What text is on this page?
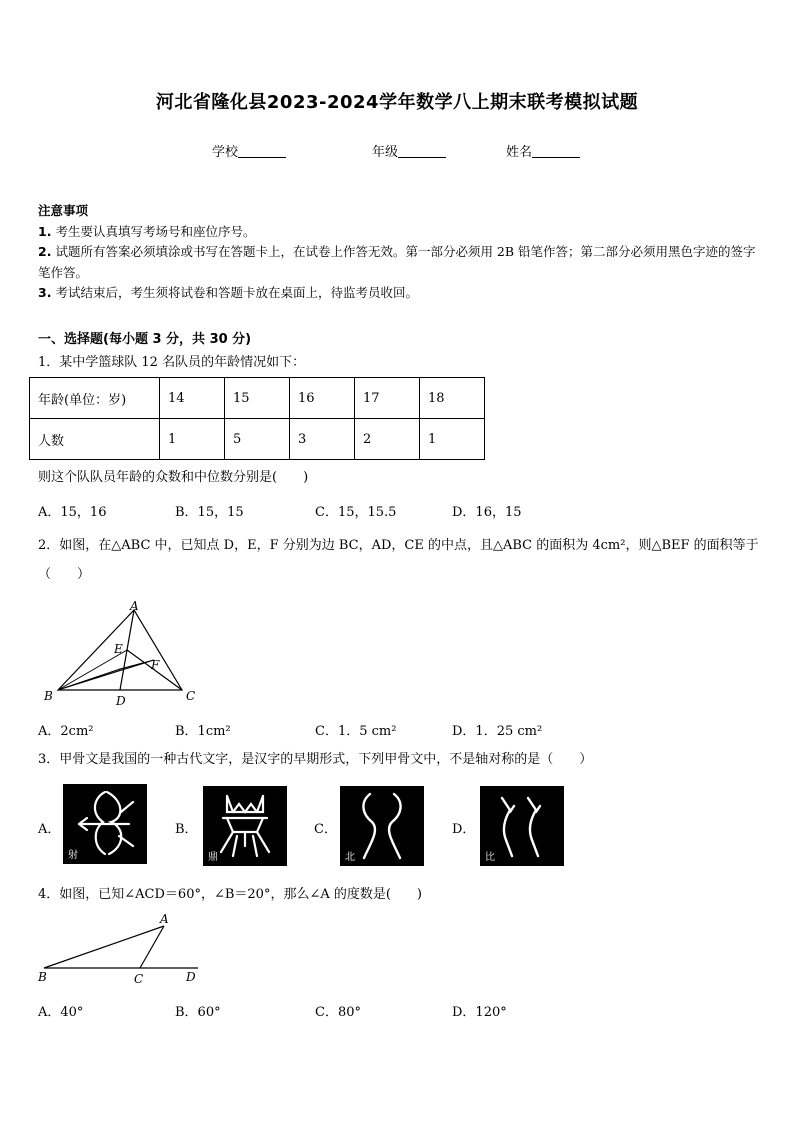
河北省隆化县2023-2024学年数学八上期末联考模拟试题
学校	年级	姓名
注意事项
1. 考生要认真填写考场号和座位序号。
2. 试题所有答案必须填涂或书写在答题卡上，在试卷上作答无效。第一部分必须用 2B 铅笔作答；第二部分必须用黑色字迹的签字笔作答。
3. 考试结束后，考生须将试卷和答题卡放在桌面上，待监考员收回。
一、选择题(每小题 3 分，共 30 分)
1．某中学篮球队 12 名队员的年龄情况如下：
年龄(单位：岁)	14	15	16	17	18
人数	1	5	3	2	1
则这个队队员年龄的众数和中位数分别是(　　)
A．15，16	B．15，15	C．15，15.5	D．16，15
2．如图，在△ABC 中，已知点 D，E，F 分别为边 BC，AD，CE 的中点，且△ABC 的面积为 4cm²，则△BEF 的面积等于（　　）
A
B	C
D
E
F
A．2cm²	B．1cm²	C．1．5 cm²	D．1．25 cm²
3．甲骨文是我国的一种古代文字，是汉字的早期形式，下列甲骨文中，不是轴对称的是（　　）
A．
射
B．
鼎
C．
北
D．
比
4．如图，已知∠ACD＝60°，∠B＝20°，那么∠A 的度数是(　　)
A
B	C	D
A．40°	B．60°	C．80°	D．120°
